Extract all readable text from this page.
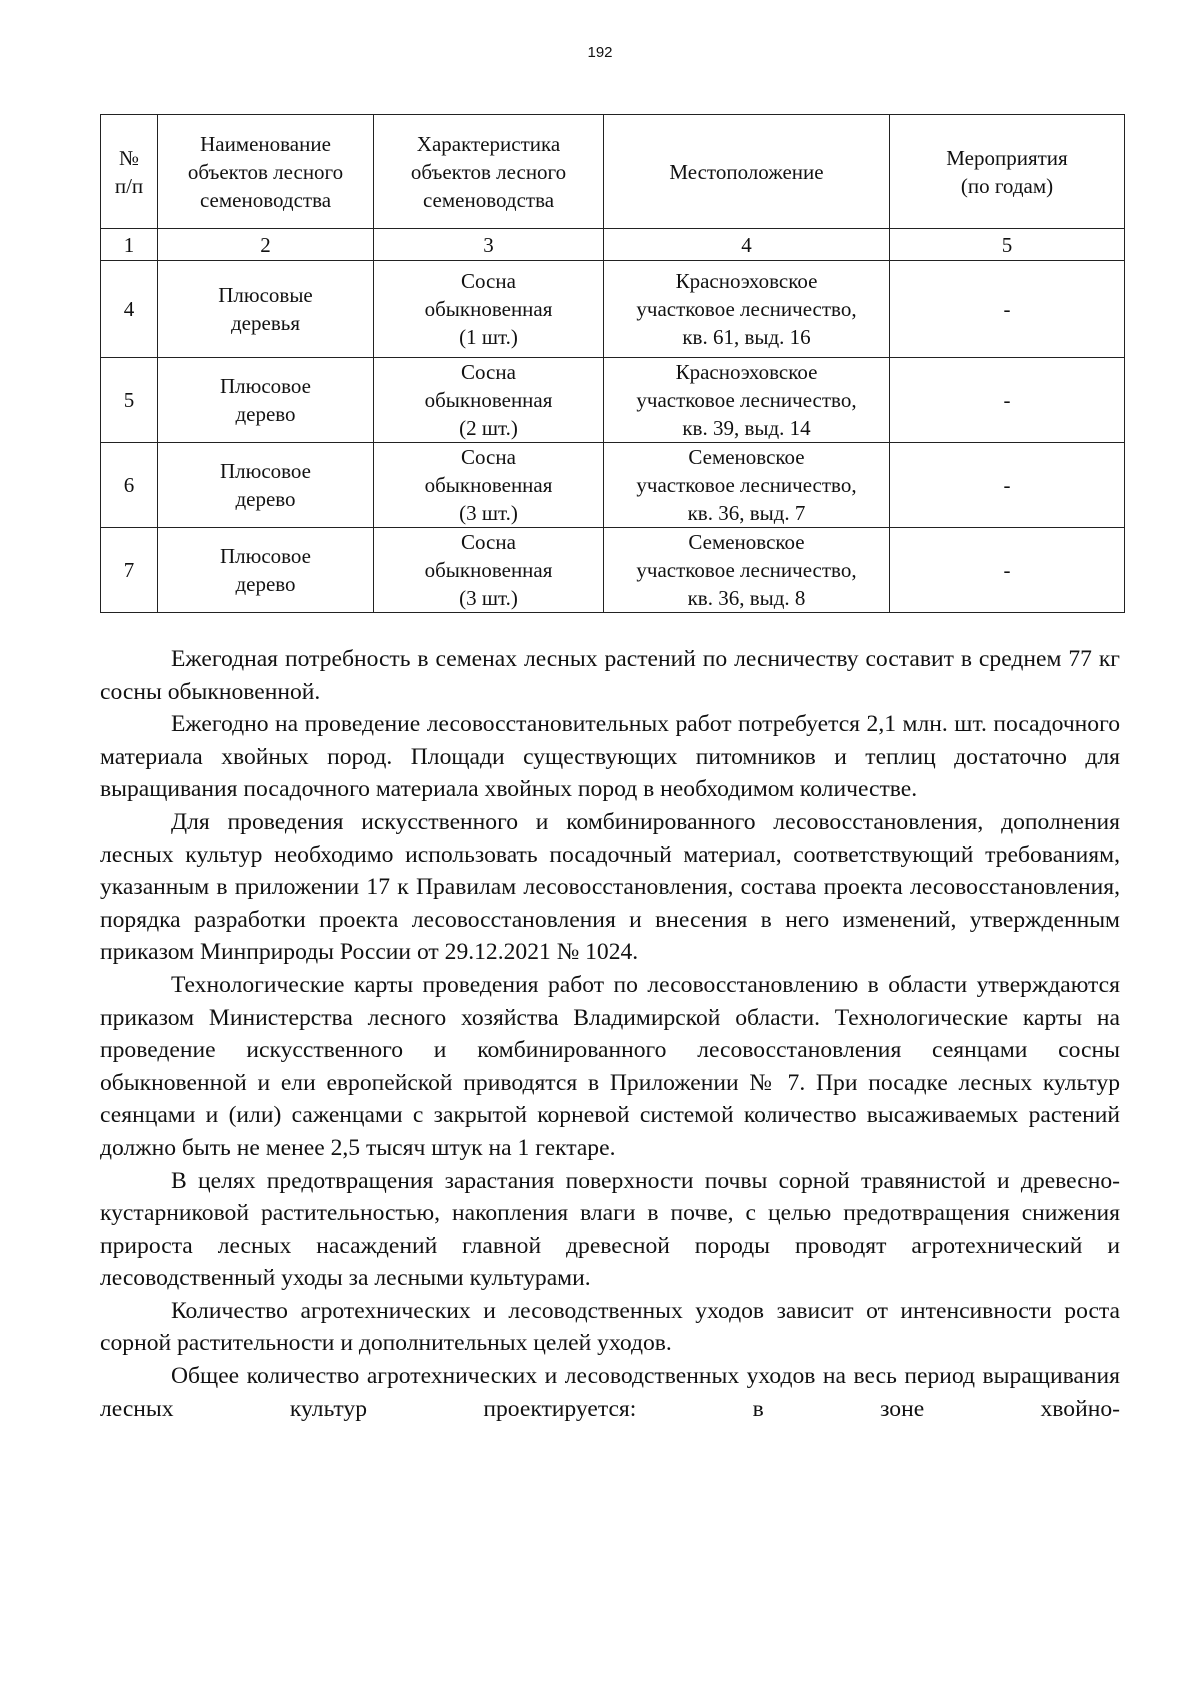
192
№
п/п	Наименование
объектов лесного
семеноводства	Характеристика
объектов лесного
семеноводства	Местоположение	Мероприятия
(по годам)
1	2	3	4	5
4	Плюсовые
деревья	Сосна
обыкновенная
(1 шт.)	Красноэховское
участковое лесничество,
кв. 61, выд. 16	-
5	Плюсовое
дерево	Сосна
обыкновенная
(2 шт.)	Красноэховское
участковое лесничество,
кв. 39, выд. 14	-
6	Плюсовое
дерево	Сосна
обыкновенная
(3 шт.)	Семеновское
участковое лесничество,
кв. 36, выд. 7	-
7	Плюсовое
дерево	Сосна
обыкновенная
(3 шт.)	Семеновское
участковое лесничество,
кв. 36, выд. 8	-

Ежегодная потребность в семенах лесных растений по лесничеству составит в среднем 77 кг сосны обыкновенной.

Ежегодно на проведение лесовосстановительных работ потребуется 2,1 млн. шт. посадочного материала хвойных пород. Площади существующих питомников и теплиц достаточно для выращивания посадочного материала хвойных пород в необходимом количестве.

Для проведения искусственного и комбинированного лесовосстановления, дополнения лесных культур необходимо использовать посадочный материал, соответствующий требованиям, указанным в приложении 17 к Правилам лесовосстановления, состава проекта лесовосстановления, порядка разработки проекта лесовосстановления и внесения в него изменений, утвержденным приказом Минприроды России от 29.12.2021 № 1024.

Технологические карты проведения работ по лесовосстановлению в области утверждаются приказом Министерства лесного хозяйства Владимирской области. Технологические карты на проведение искусственного и комбинированного лесовосстановления сеянцами сосны обыкновенной и ели европейской приводятся в Приложении № 7. При посадке лесных культур сеянцами и (или) саженцами с закрытой корневой системой количество высаживаемых растений должно быть не менее 2,5 тысяч штук на 1 гектаре.

В целях предотвращения зарастания поверхности почвы сорной травянистой и древесно-кустарниковой растительностью, накопления влаги в почве, с целью предотвращения снижения прироста лесных насаждений главной древесной породы проводят агротехнический и лесоводственный уходы за лесными культурами.

Количество агротехнических и лесоводственных уходов зависит от интенсивности роста сорной растительности и дополнительных целей уходов.

Общее количество агротехнических и лесоводственных уходов на весь период выращивания лесных культур проектируется: в зоне хвойно-
